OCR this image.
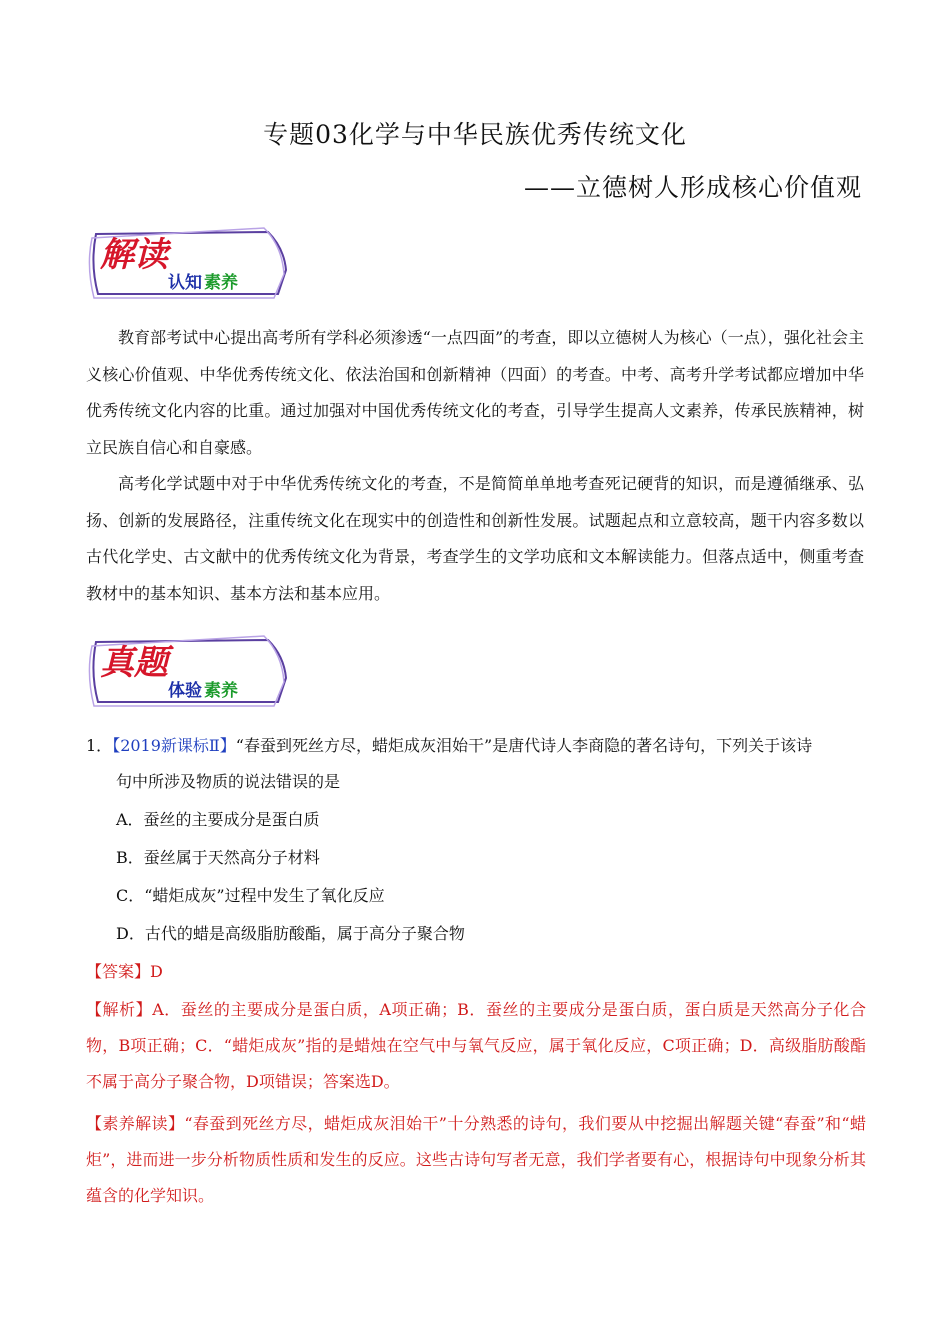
专题03化学与中华民族优秀传统文化
——立德树人形成核心价值观
解读
认知 素养

教育部考试中心提出高考所有学科必须渗透“一点四面”的考查，即以立德树人为核心（一点），强化社会主义核心价值观、中华优秀传统文化、依法治国和创新精神（四面）的考查。中考、高考升学考试都应增加中华优秀传统文化内容的比重。通过加强对中国优秀传统文化的考查，引导学生提高人文素养，传承民族精神，树立民族自信心和自豪感。

高考化学试题中对于中华优秀传统文化的考查，不是简简单单地考查死记硬背的知识，而是遵循继承、弘扬、创新的发展路径，注重传统文化在现实中的创造性和创新性发展。试题起点和立意较高，题干内容多数以古代化学史、古文献中的优秀传统文化为背景，考查学生的文学功底和文本解读能力。但落点适中，侧重考查教材中的基本知识、基本方法和基本应用。

真题
体验 素养
1．【2019新课标Ⅱ】“春蚕到死丝方尽，蜡炬成灰泪始干”是唐代诗人李商隐的著名诗句，下列关于该诗
句中所涉及物质的说法错误的是
A．蚕丝的主要成分是蛋白质
B．蚕丝属于天然高分子材料
C．“蜡炬成灰”过程中发生了氧化反应
D．古代的蜡是高级脂肪酸酯，属于高分子聚合物
【答案】D

【解析】A．蚕丝的主要成分是蛋白质，A项正确；B．蚕丝的主要成分是蛋白质，蛋白质是天然高分子化合物，B项正确；C．“蜡炬成灰”指的是蜡烛在空气中与氧气反应，属于氧化反应，C项正确；D．高级脂肪酸酯不属于高分子聚合物，D项错误；答案选D。

【素养解读】“春蚕到死丝方尽，蜡炬成灰泪始干”十分熟悉的诗句，我们要从中挖掘出解题关键“春蚕”和“蜡炬”，进而进一步分析物质性质和发生的反应。这些古诗句写者无意，我们学者要有心，根据诗句中现象分析其蕴含的化学知识。
